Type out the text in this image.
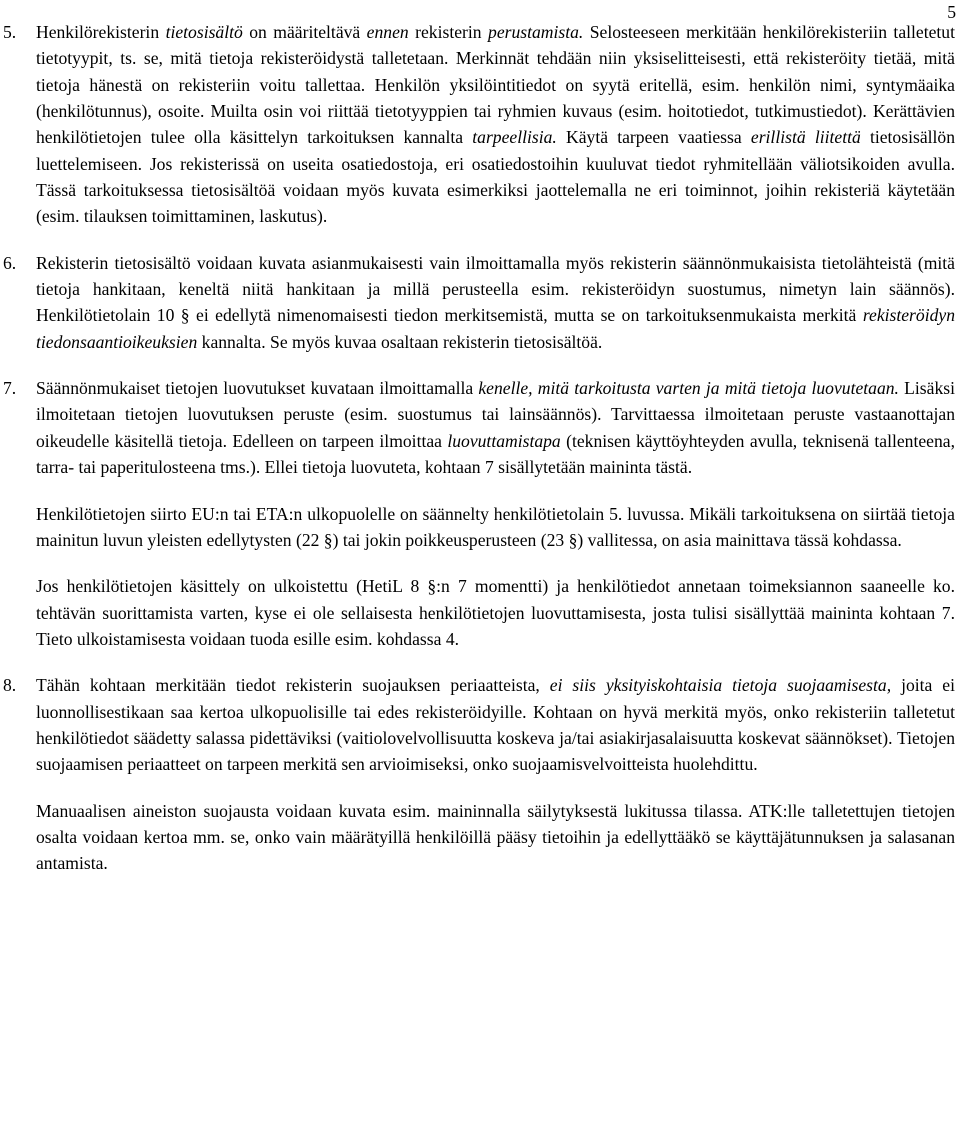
5
5. Henkilörekisterin tietosisältö on määriteltävä ennen rekisterin perustamista. Selosteeseen merkitään henkilörekisteriin talletetut tietotyypit, ts. se, mitä tietoja rekisteröidystä talletetaan. Merkinnät tehdään niin yksiselitteisesti, että rekisteröity tietää, mitä tietoja hänestä on rekisteriin voitu tallettaa. Henkilön yksilöintitiedot on syytä eritellä, esim. henkilön nimi, syntymäaika (henkilötunnus), osoite. Muilta osin voi riittää tietotyyppien tai ryhmien kuvaus (esim. hoitotiedot, tutkimustiedot). Kerättävien henkilötietojen tulee olla käsittelyn tarkoituksen kannalta tarpeellisia. Käytä tarpeen vaatiessa erillistä liitettä tietosisällön luettelemiseen. Jos rekisterissä on useita osatiedostoja, eri osatiedostoihin kuuluvat tiedot ryhmitellään väliotsikoiden avulla. Tässä tarkoituksessa tietosisältöä voidaan myös kuvata esimerkiksi jaottelemalla ne eri toiminnot, joihin rekisteriä käytetään (esim. tilauksen toimittaminen, laskutus).

6. Rekisterin tietosisältö voidaan kuvata asianmukaisesti vain ilmoittamalla myös rekisterin säännönmukaisista tietolähteistä (mitä tietoja hankitaan, keneltä niitä hankitaan ja millä perusteella esim. rekisteröidyn suostumus, nimetyn lain säännös). Henkilötietolain 10 § ei edellytä nimenomaisesti tiedon merkitsemistä, mutta se on tarkoituksenmukaista merkitä rekisteröidyn tiedonsaantioikeuksien kannalta. Se myös kuvaa osaltaan rekisterin tietosisältöä.

7. Säännönmukaiset tietojen luovutukset kuvataan ilmoittamalla kenelle, mitä tarkoitusta varten ja mitä tietoja luovutetaan. Lisäksi ilmoitetaan tietojen luovutuksen peruste (esim. suostumus tai lainsäännös). Tarvittaessa ilmoitetaan peruste vastaanottajan oikeudelle käsitellä tietoja. Edelleen on tarpeen ilmoittaa luovuttamistapa (teknisen käyttöyhteyden avulla, teknisenä tallenteena, tarra- tai paperitulosteena tms.). Ellei tietoja luovuteta, kohtaan 7 sisällytetään maininta tästä.

Henkilötietojen siirto EU:n tai ETA:n ulkopuolelle on säännelty henkilötietolain 5. luvussa. Mikäli tarkoituksena on siirtää tietoja mainitun luvun yleisten edellytysten (22 §) tai jokin poikkeusperusteen (23 §) vallitessa, on asia mainittava tässä kohdassa.

Jos henkilötietojen käsittely on ulkoistettu (HetiL 8 §:n 7 momentti) ja henkilötiedot annetaan toimeksiannon saaneelle ko. tehtävän suorittamista varten, kyse ei ole sellaisesta henkilötietojen luovuttamisesta, josta tulisi sisällyttää maininta kohtaan 7. Tieto ulkoistamisesta voidaan tuoda esille esim. kohdassa 4.

8. Tähän kohtaan merkitään tiedot rekisterin suojauksen periaatteista, ei siis yksityiskohtaisia tietoja suojaamisesta, joita ei luonnollisestikaan saa kertoa ulkopuolisille tai edes rekisteröidyille. Kohtaan on hyvä merkitä myös, onko rekisteriin talletetut henkilötiedot säädetty salassa pidettäviksi (vaitiolovelvollisuutta koskeva ja/tai asiakirjasalaisuutta koskevat säännökset). Tietojen suojaamisen periaatteet on tarpeen merkitä sen arvioimiseksi, onko suojaamisvelvoitteista huolehdittu.

Manuaalisen aineiston suojausta voidaan kuvata esim. maininnalla säilytyksestä lukitussa tilassa. ATK:lle talletettujen tietojen osalta voidaan kertoa mm. se, onko vain määrätyillä henkilöillä pääsy tietoihin ja edellyttääkö se käyttäjätunnuksen ja salasanan antamista.
